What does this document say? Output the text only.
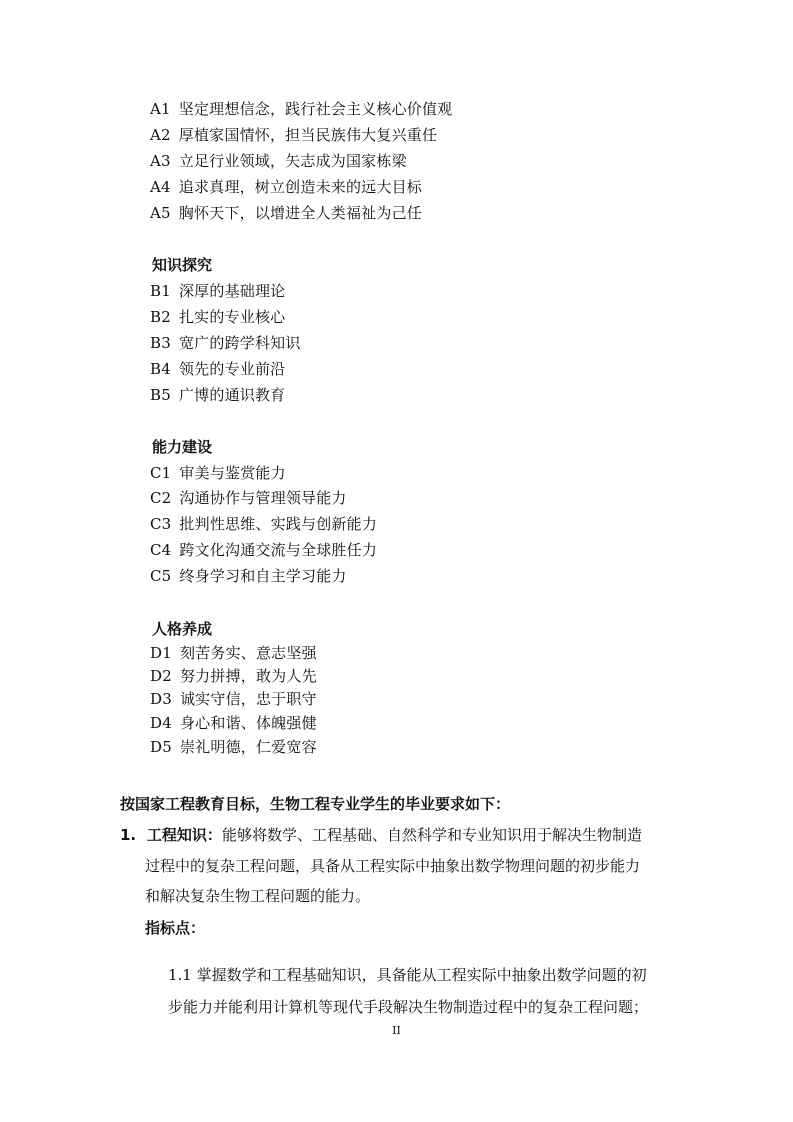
A1 坚定理想信念，践行社会主义核心价值观
A2 厚植家国情怀，担当民族伟大复兴重任
A3 立足行业领域，矢志成为国家栋梁
A4 追求真理，树立创造未来的远大目标
A5 胸怀天下，以增进全人类福祉为己任
知识探究
B1 深厚的基础理论
B2 扎实的专业核心
B3 宽广的跨学科知识
B4 领先的专业前沿
B5 广博的通识教育
能力建设
C1 审美与鉴赏能力
C2 沟通协作与管理领导能力
C3 批判性思维、实践与创新能力
C4 跨文化沟通交流与全球胜任力
C5 终身学习和自主学习能力
人格养成
D1 刻苦务实、意志坚强
D2 努力拼搏，敢为人先
D3 诚实守信，忠于职守
D4 身心和谐、体魄强健
D5 崇礼明德，仁爱宽容
按国家工程教育目标，生物工程专业学生的毕业要求如下：
1. 工程知识：能够将数学、工程基础、自然科学和专业知识用于解决生物制造
过程中的复杂工程问题，具备从工程实际中抽象出数学物理问题的初步能力
和解决复杂生物工程问题的能力。
指标点：
1.1 掌握数学和工程基础知识，具备能从工程实际中抽象出数学问题的初
步能力并能利用计算机等现代手段解决生物制造过程中的复杂工程问题；
II
